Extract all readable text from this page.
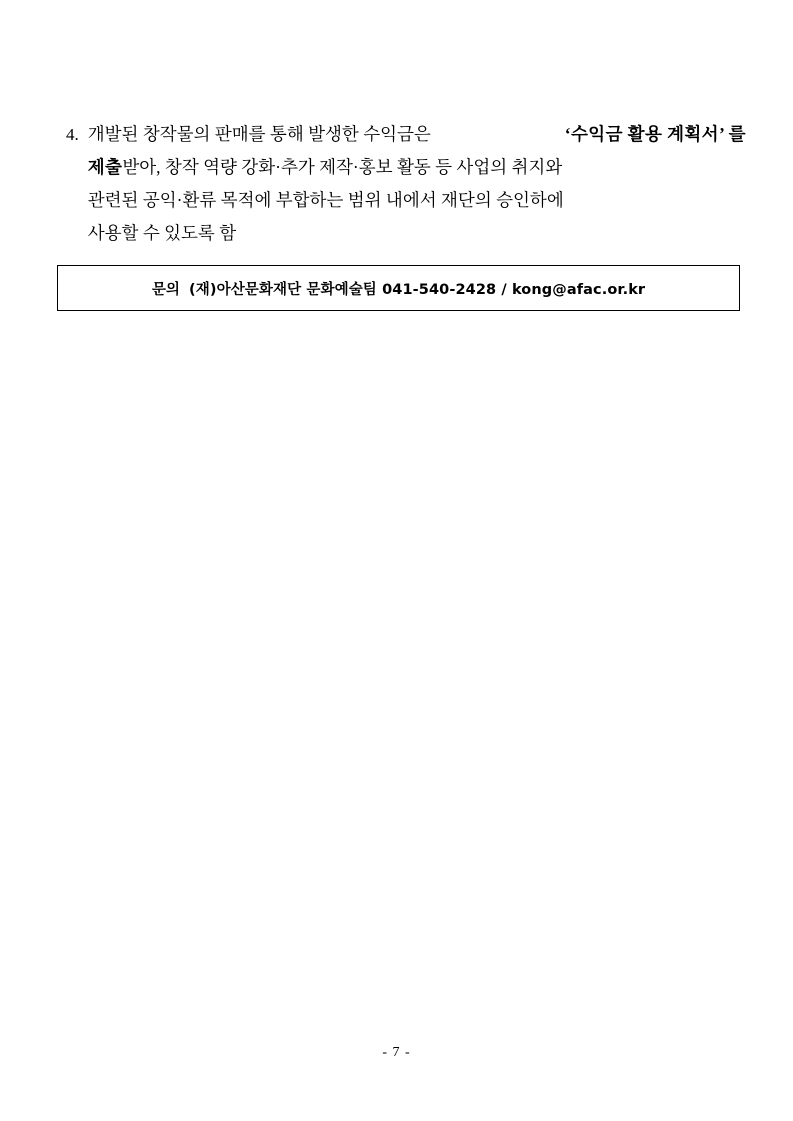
4. 개발된 창작물의 판매를 통해 발생한 수익금은	‘수익금 활용 계획서’ 를
제출받아, 창작 역량 강화·추가 제작·홍보 활동 등 사업의 취지와
관련된 공익·환류 목적에 부합하는 범위 내에서 재단의 승인하에
사용할 수 있도록 함
문의 (재)아산문화재단 문화예술팀 041-540-2428 / kong@afac.or.kr
- 7 -
